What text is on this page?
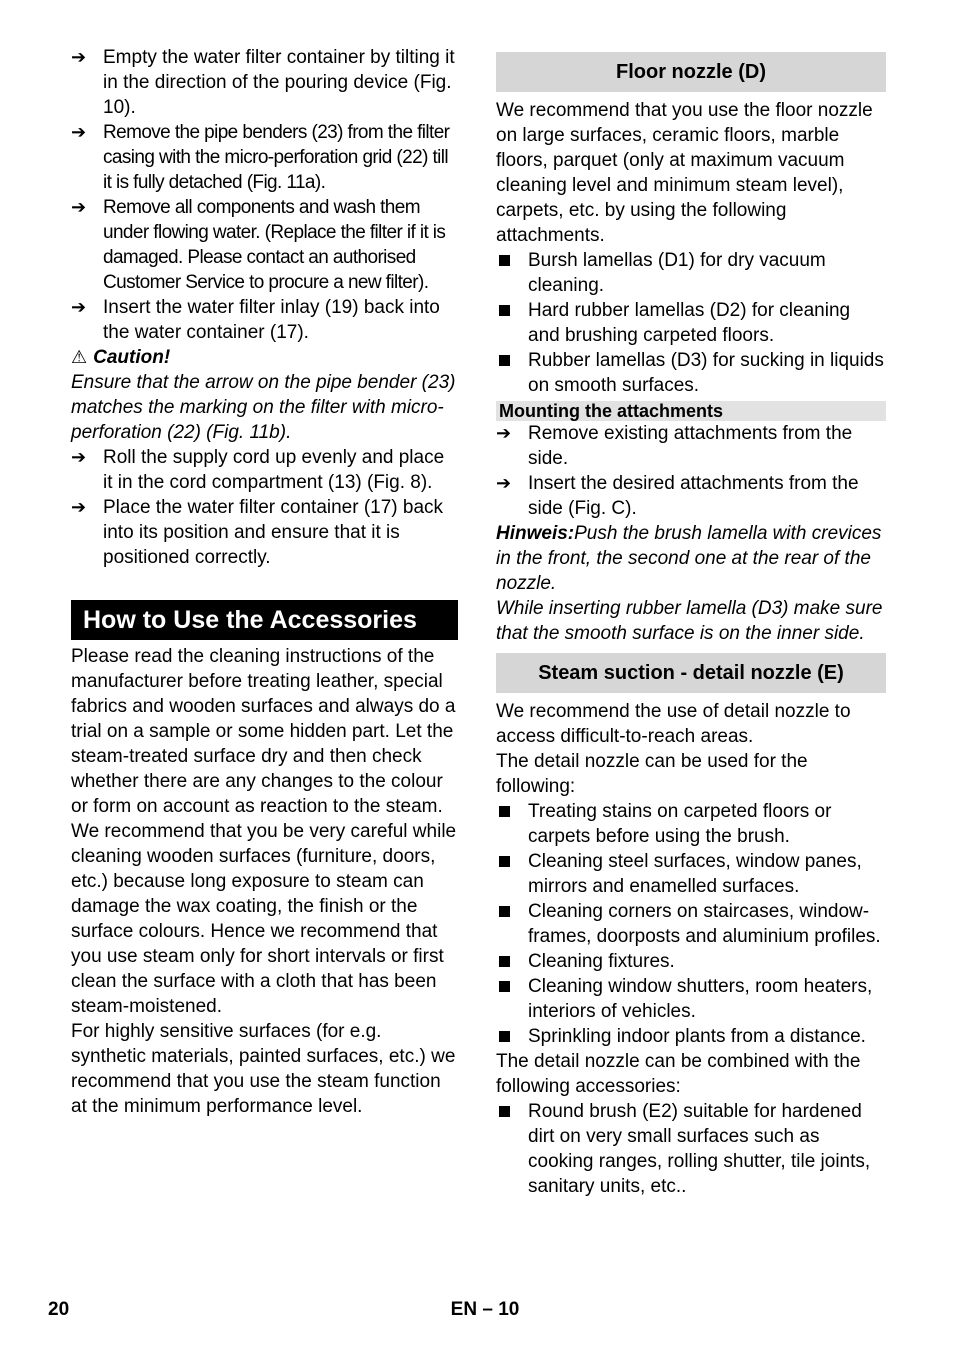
➔ Empty the water filter container by tilting it in the direction of the pouring device (Fig. 10).
➔ Remove the pipe benders (23) from the filter casing with the micro-perforation grid (22) till it is fully detached (Fig. 11a).
➔ Remove all components and wash them under flowing water. (Replace the filter if it is damaged. Please contact an authorised Customer Service to procure a new filter).
➔ Insert the water filter inlay (19) back into the water container (17).
⚠ Caution!

Ensure that the arrow on the pipe bender (23) matches the marking on the filter with micro-perforation (22) (Fig. 11b).

➔ Roll the supply cord up evenly and place it in the cord compartment (13) (Fig. 8).
➔ Place the water filter container (17) back into its position and ensure that it is positioned correctly.
How to Use the Accessories

Please read the cleaning instructions of the manufacturer before treating leather, special fabrics and wooden surfaces and always do a trial on a sample or some hidden part. Let the steam-treated surface dry and then check whether there are any changes to the colour or form on account as reaction to the steam.

We recommend that you be very careful while cleaning wooden surfaces (furniture, doors, etc.) because long exposure to steam can damage the wax coating, the finish or the surface colours. Hence we recommend that you use steam only for short intervals or first clean the surface with a cloth that has been steam-moistened.

For highly sensitive surfaces (for e.g. synthetic materials, painted surfaces, etc.) we recommend that you use the steam function at the minimum performance level.

Floor nozzle (D)

We recommend that you use the floor nozzle on large surfaces, ceramic floors, marble floors, parquet (only at maximum vacuum cleaning level and minimum steam level), carpets, etc. by using the following attachments.

Bursh lamellas (D1) for dry vacuum cleaning.
Hard rubber lamellas (D2) for cleaning and brushing carpeted floors.
Rubber lamellas (D3) for sucking in liquids on smooth surfaces.
Mounting the attachments
➔ Remove existing attachments from the side.
➔ Insert the desired attachments from the side (Fig. C).

Hinweis:Push the brush lamella with crevices in the front, the second one at the rear of the nozzle.

While inserting rubber lamella (D3) make sure that the smooth surface is on the inner side.

Steam suction - detail nozzle (E)

We recommend the use of detail nozzle to access difficult-to-reach areas.

The detail nozzle can be used for the following:

Treating stains on carpeted floors or carpets before using the brush.
Cleaning steel surfaces, window panes, mirrors and enamelled surfaces.
Cleaning corners on staircases, window-frames, doorposts and aluminium profiles.
Cleaning fixtures.
Cleaning window shutters, room heaters, interiors of vehicles.
Sprinkling indoor plants from a distance.

The detail nozzle can be combined with the following accessories:

Round brush (E2) suitable for hardened dirt on very small surfaces such as cooking ranges, rolling shutter, tile joints, sanitary units, etc..
20	EN – 10
